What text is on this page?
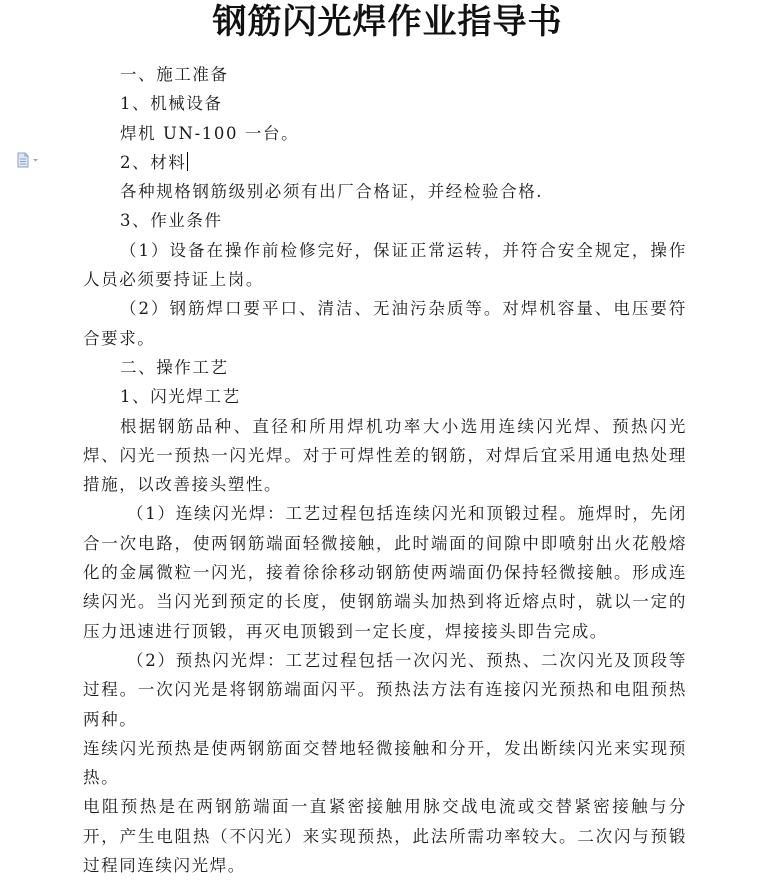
钢筋闪光焊作业指导书

一、施工准备

1、机械设备

焊机 UN-100 一台。

2、材料

各种规格钢筋级别必须有出厂合格证，并经检验合格.

3、作业条件

（1）设备在操作前检修完好，保证正常运转，并符合安全规定，操作人员必须要持证上岗。

（2）钢筋焊口要平口、清洁、无油污杂质等。对焊机容量、电压要符合要求。

二、操作工艺

1、闪光焊工艺

根据钢筋品种、直径和所用焊机功率大小选用连续闪光焊、预热闪光焊、闪光一预热一闪光焊。对于可焊性差的钢筋，对焊后宜采用通电热处理措施，以改善接头塑性。

（1）连续闪光焊：工艺过程包括连续闪光和顶锻过程。施焊时，先闭合一次电路，使两钢筋端面轻微接触，此时端面的间隙中即喷射出火花般熔化的金属微粒一闪光，接着徐徐移动钢筋使两端面仍保持轻微接触。形成连续闪光。当闪光到预定的长度，使钢筋端头加热到将近熔点时，就以一定的压力迅速进行顶锻，再灭电顶锻到一定长度，焊接接头即告完成。

（2）预热闪光焊：工艺过程包括一次闪光、预热、二次闪光及顶段等过程。一次闪光是将钢筋端面闪平。预热法方法有连接闪光预热和电阻预热两种。

连续闪光预热是使两钢筋面交替地轻微接触和分开，发出断续闪光来实现预热。

电阻预热是在两钢筋端面一直紧密接触用脉交战电流或交替紧密接触与分开，产生电阻热（不闪光）来实现预热，此法所需功率较大。二次闪与预锻过程同连续闪光焊。
